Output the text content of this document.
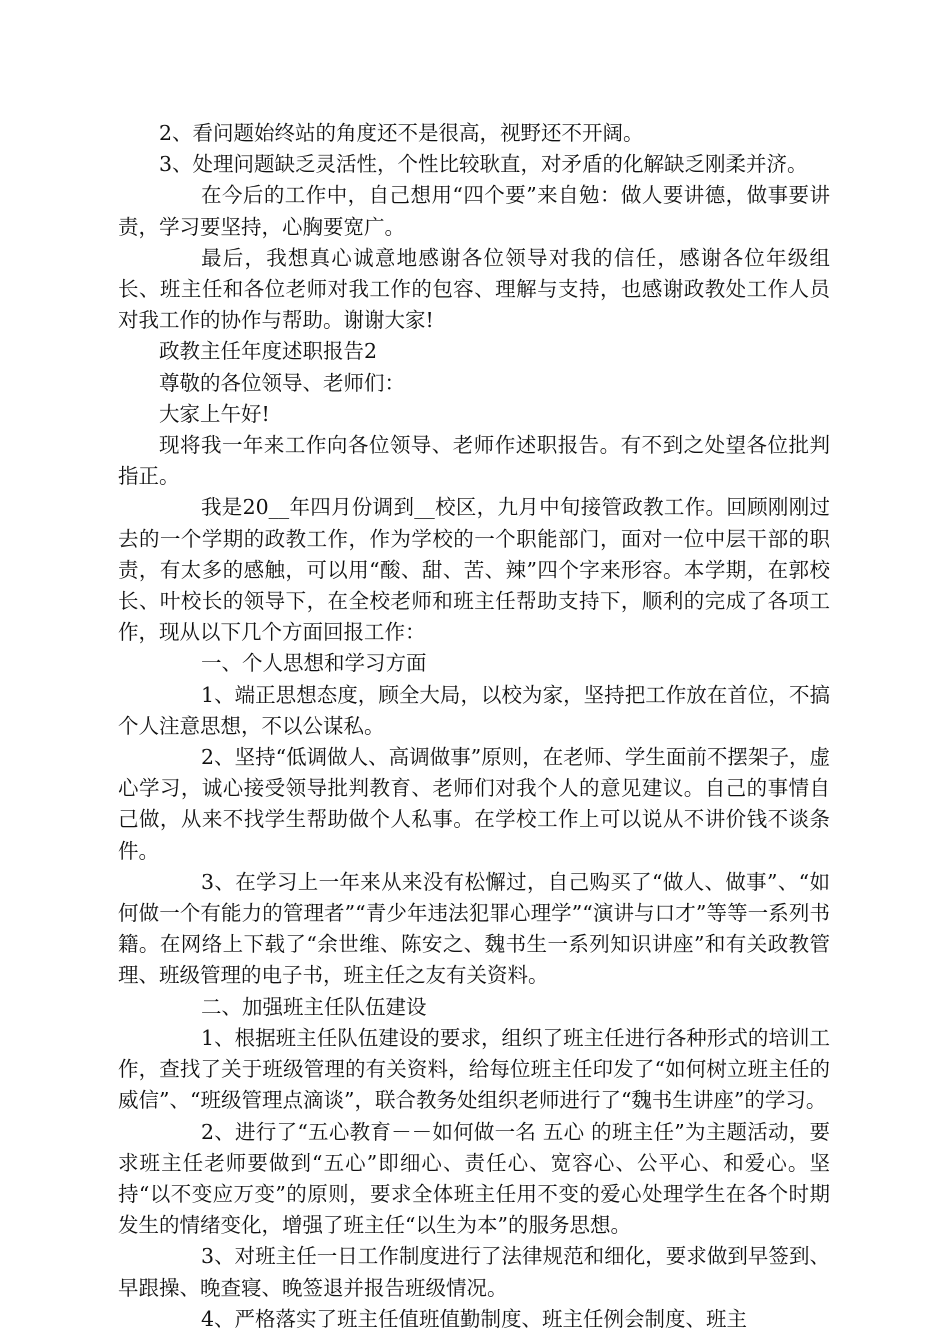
2、看问题始终站的角度还不是很高，视野还不开阔。

3、处理问题缺乏灵活性，个性比较耿直，对矛盾的化解缺乏刚柔并济。

在今后的工作中，自己想用“四个要”来自勉：做人要讲德，做事要讲责，学习要坚持，心胸要宽广。

最后，我想真心诚意地感谢各位领导对我的信任，感谢各位年级组长、班主任和各位老师对我工作的包容、理解与支持，也感谢政教处工作人员对我工作的协作与帮助。谢谢大家!

政教主任年度述职报告2

尊敬的各位领导、老师们：

大家上午好!

现将我一年来工作向各位领导、老师作述职报告。有不到之处望各位批判指正。

我是20__年四月份调到__校区，九月中旬接管政教工作。回顾刚刚过去的一个学期的政教工作，作为学校的一个职能部门，面对一位中层干部的职责，有太多的感触，可以用“酸、甜、苦、辣”四个字来形容。本学期，在郭校长、叶校长的领导下，在全校老师和班主任帮助支持下，顺利的完成了各项工作，现从以下几个方面回报工作：

一、个人思想和学习方面

1、端正思想态度，顾全大局，以校为家，坚持把工作放在首位，不搞个人注意思想，不以公谋私。

2、坚持“低调做人、高调做事”原则，在老师、学生面前不摆架子，虚心学习，诚心接受领导批判教育、老师们对我个人的意见建议。自己的事情自己做，从来不找学生帮助做个人私事。在学校工作上可以说从不讲价钱不谈条件。

3、在学习上一年来从来没有松懈过，自己购买了“做人、做事”、“如何做一个有能力的管理者”“青少年违法犯罪心理学”“演讲与口才”等等一系列书籍。在网络上下载了“余世维、陈安之、魏书生一系列知识讲座”和有关政教管理、班级管理的电子书，班主任之友有关资料。

二、加强班主任队伍建设

1、根据班主任队伍建设的要求，组织了班主任进行各种形式的培训工作，查找了关于班级管理的有关资料，给每位班主任印发了“如何树立班主任的威信”、“班级管理点滴谈”，联合教务处组织老师进行了“魏书生讲座”的学习。

2、进行了“五心教育－－如何做一名 五心 的班主任”为主题活动，要求班主任老师要做到“五心”即细心、责任心、宽容心、公平心、和爱心。坚持“以不变应万变”的原则，要求全体班主任用不变的爱心处理学生在各个时期发生的情绪变化，增强了班主任“以生为本”的服务思想。

3、对班主任一日工作制度进行了法律规范和细化，要求做到早签到、早跟操、晚查寝、晚签退并报告班级情况。

4、严格落实了班主任值班值勤制度、班主任例会制度、班主
